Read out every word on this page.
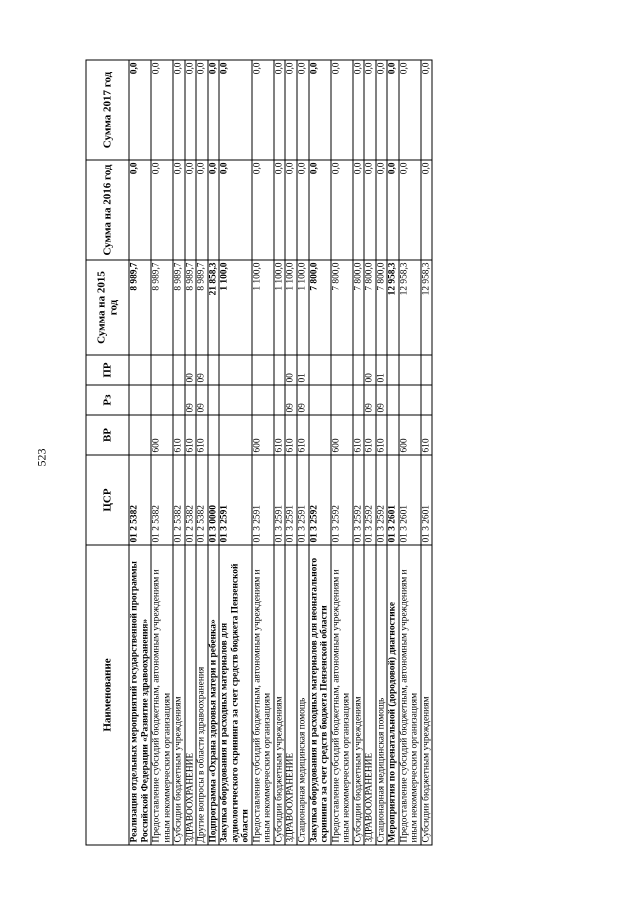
523
Наименование	ЦСР	ВР	Рз	ПР	Сумма на 2015 год	Сумма на 2016 год	Сумма 2017 год
Реализация отдельных мероприятий государственной программы Российской Федерации «Развитие здравоохранения»	01 2 5382				8 989,7	0,0	0,0
Предоставление субсидий бюджетным, автономным учреждениям и иным некоммерческим организациям	01 2 5382	600			8 989,7	0,0	0,0
Субсидии бюджетным учреждениям	01 2 5382	610			8 989,7	0,0	0,0
ЗДРАВООХРАНЕНИЕ	01 2 5382	610	09	00	8 989,7	0,0	0,0
Другие вопросы в области здравоохранения	01 2 5382	610	09	09	8 989,7	0,0	0,0
Подпрограмма «Охрана здоровья матери и ребенка»	01 3 0000				21 858,3	0,0	0,0
Закупка оборудования и расходных материалов для аудиологического скрининга за счет средств бюджета Пензенской области	01 3 2591				1 100,0	0,0	0,0
Предоставление субсидий бюджетным, автономным учреждениям и иным некоммерческим организациям	01 3 2591	600			1 100,0	0,0	0,0
Субсидии бюджетным учреждениям	01 3 2591	610			1 100,0	0,0	0,0
ЗДРАВООХРАНЕНИЕ	01 3 2591	610	09	00	1 100,0	0,0	0,0
Стационарная медицинская помощь	01 3 2591	610	09	01	1 100,0	0,0	0,0
Закупка оборудования и расходных материалов для неонатального скрининга за счет средств бюджета Пензенской области	01 3 2592				7 800,0	0,0	0,0
Предоставление субсидий бюджетным, автономным учреждениям и иным некоммерческим организациям	01 3 2592	600			7 800,0	0,0	0,0
Субсидии бюджетным учреждениям	01 3 2592	610			7 800,0	0,0	0,0
ЗДРАВООХРАНЕНИЕ	01 3 2592	610	09	00	7 800,0	0,0	0,0
Стационарная медицинская помощь	01 3 2592	610	09	01	7 800,0	0,0	0,0
Мероприятия по пренатальной (дородовой) диагностике	01 3 2601				12 958,3	0,0	0,0
Предоставление субсидий бюджетным, автономным учреждениям и иным некоммерческим организациям	01 3 2601	600			12 958,3	0,0	0,0
Субсидии бюджетным учреждениям	01 3 2601	610			12 958,3	0,0	0,0
